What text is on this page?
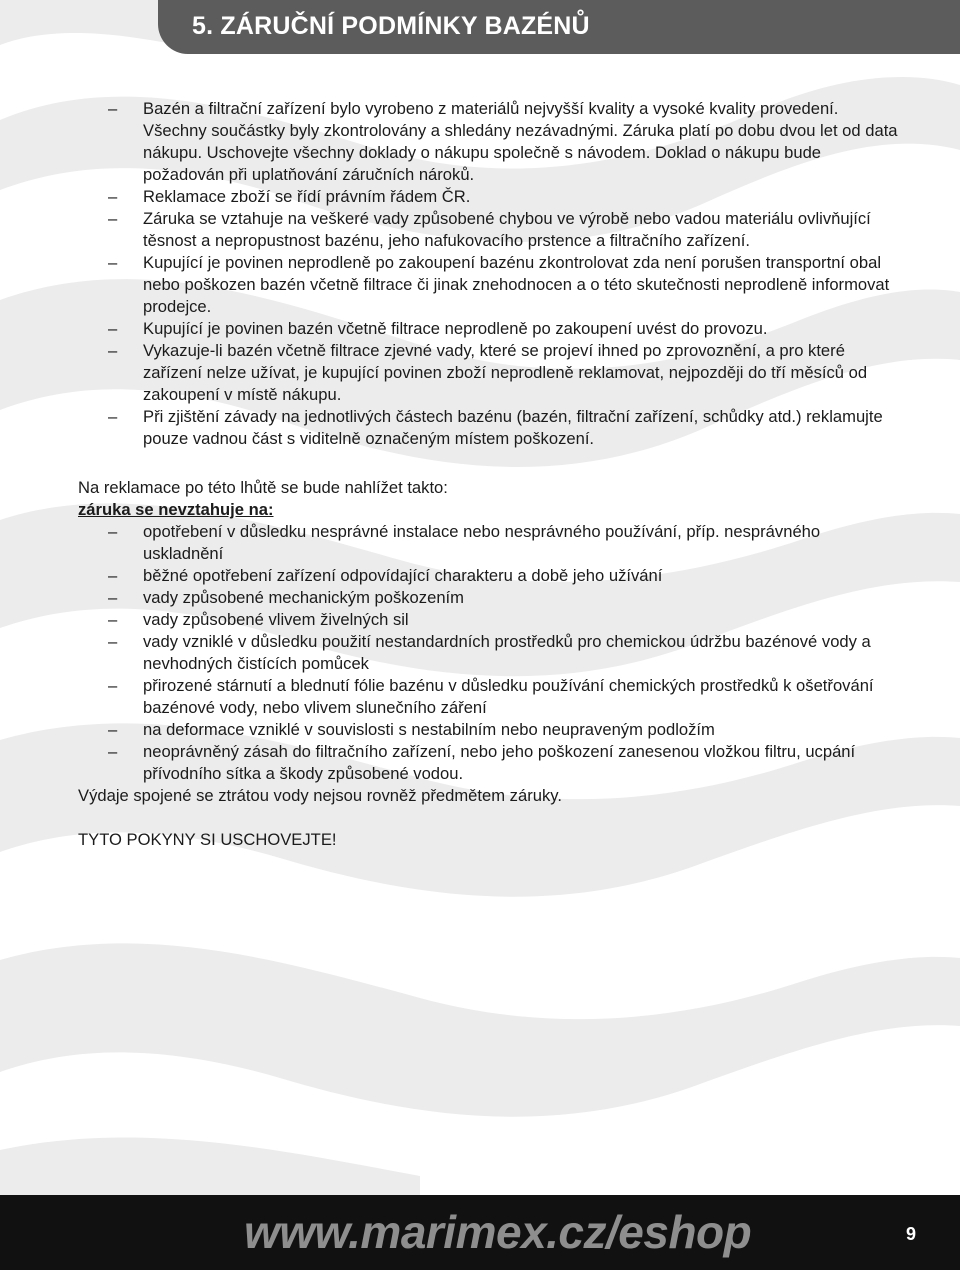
5. ZÁRUČNÍ PODMÍNKY BAZÉNŮ
– Bazén a filtrační zařízení bylo vyrobeno z materiálů nejvyšší kvality a vysoké kvality provedení. Všechny součástky byly zkontrolovány a shledány nezávadnými. Záruka platí po dobu dvou let od data nákupu. Uschovejte všechny doklady o nákupu společně s návodem. Doklad o nákupu bude požadován při uplatňování záručních nároků.
– Reklamace zboží se řídí právním řádem ČR.
– Záruka se vztahuje na veškeré vady způsobené chybou ve výrobě nebo vadou materiálu ovlivňující těsnost a nepropustnost bazénu, jeho nafukovacího prstence a filtračního zařízení.
– Kupující je povinen neprodleně po zakoupení bazénu zkontrolovat zda není porušen transportní obal nebo poškozen bazén včetně filtrace či jinak znehodnocen a o této skutečnosti neprodleně informovat prodejce.
– Kupující je povinen bazén včetně filtrace neprodleně po zakoupení uvést do provozu.
– Vykazuje-li bazén včetně filtrace zjevné vady, které se projeví ihned po zprovoznění, a pro které zařízení nelze užívat, je kupující povinen zboží neprodleně reklamovat, nejpozději do tří měsíců od zakoupení v místě nákupu.
– Při zjištění závady na jednotlivých částech bazénu (bazén, filtrační zařízení, schůdky atd.) reklamujte pouze vadnou část s viditelně označeným místem poškození.

Na reklamace po této lhůtě se bude nahlížet takto:

záruka se nevztahuje na:

– opotřebení v důsledku nesprávné instalace nebo nesprávného používání, příp. nesprávného uskladnění
– běžné opotřebení zařízení odpovídající charakteru a době jeho užívání
– vady způsobené mechanickým poškozením
– vady způsobené vlivem živelných sil
– vady vzniklé v důsledku použití nestandardních prostředků pro chemickou údržbu bazénové vody a nevhodných čistících pomůcek
– přirozené stárnutí a blednutí fólie bazénu v důsledku používání chemických prostředků k ošetřování bazénové vody, nebo vlivem slunečního záření
– na deformace vzniklé v souvislosti s nestabilním nebo neupraveným podložím
– neoprávněný zásah do filtračního zařízení, nebo jeho poškození zanesenou vložkou filtru, ucpání přívodního sítka a škody způsobené vodou.

Výdaje spojené se ztrátou vody nejsou rovněž předmětem záruky.

TYTO POKYNY SI USCHOVEJTE!

www.marimex.cz/eshop	9
